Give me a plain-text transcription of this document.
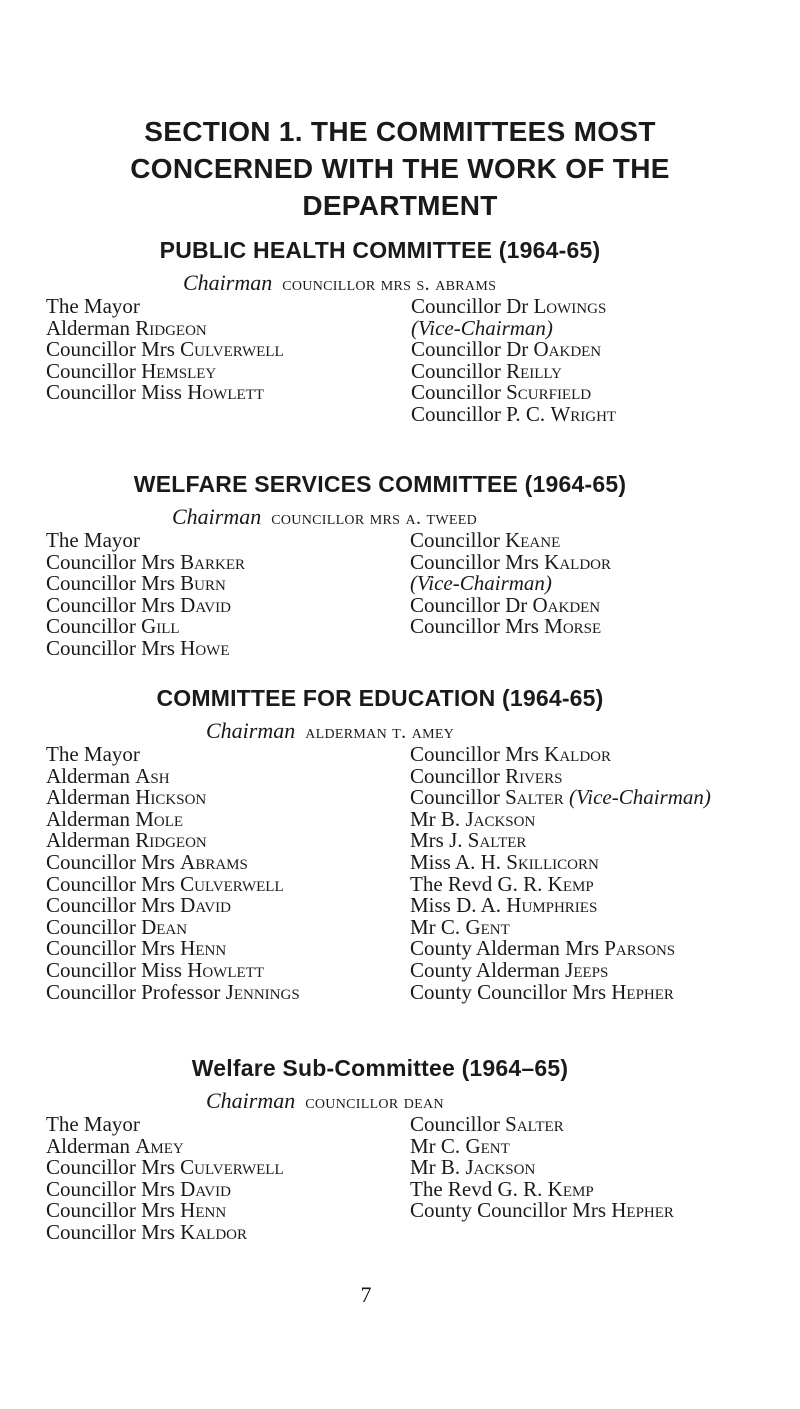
SECTION 1. THE COMMITTEES MOST
CONCERNED WITH THE WORK OF THE
DEPARTMENT
PUBLIC HEALTH COMMITTEE (1964-65)
Chairman councillor mrs s. abrams
The Mayor
Alderman Ridgeon
Councillor Mrs Culverwell
Councillor Hemsley
Councillor Miss Howlett
Councillor Dr Lowings
(Vice-Chairman)
Councillor Dr Oakden
Councillor Reilly
Councillor Scurfield
Councillor P. C. Wright
WELFARE SERVICES COMMITTEE (1964-65)
Chairman councillor mrs a. tweed
The Mayor
Councillor Mrs Barker
Councillor Mrs Burn
Councillor Mrs David
Councillor Gill
Councillor Mrs Howe
Councillor Keane
Councillor Mrs Kaldor
(Vice-Chairman)
Councillor Dr Oakden
Councillor Mrs Morse
COMMITTEE FOR EDUCATION (1964-65)
Chairman alderman t. amey
The Mayor
Alderman Ash
Alderman Hickson
Alderman Mole
Alderman Ridgeon
Councillor Mrs Abrams
Councillor Mrs Culverwell
Councillor Mrs David
Councillor Dean
Councillor Mrs Henn
Councillor Miss Howlett
Councillor Professor Jennings
Councillor Mrs Kaldor
Councillor Rivers
Councillor Salter (Vice-Chairman)
Mr B. Jackson
Mrs J. Salter
Miss A. H. Skillicorn
The Revd G. R. Kemp
Miss D. A. Humphries
Mr C. Gent
County Alderman Mrs Parsons
County Alderman Jeeps
County Councillor Mrs Hepher
Welfare Sub-Committee (1964–65)
Chairman councillor dean
The Mayor
Alderman Amey
Councillor Mrs Culverwell
Councillor Mrs David
Councillor Mrs Henn
Councillor Mrs Kaldor
Councillor Salter
Mr C. Gent
Mr B. Jackson
The Revd G. R. Kemp
County Councillor Mrs Hepher
7
